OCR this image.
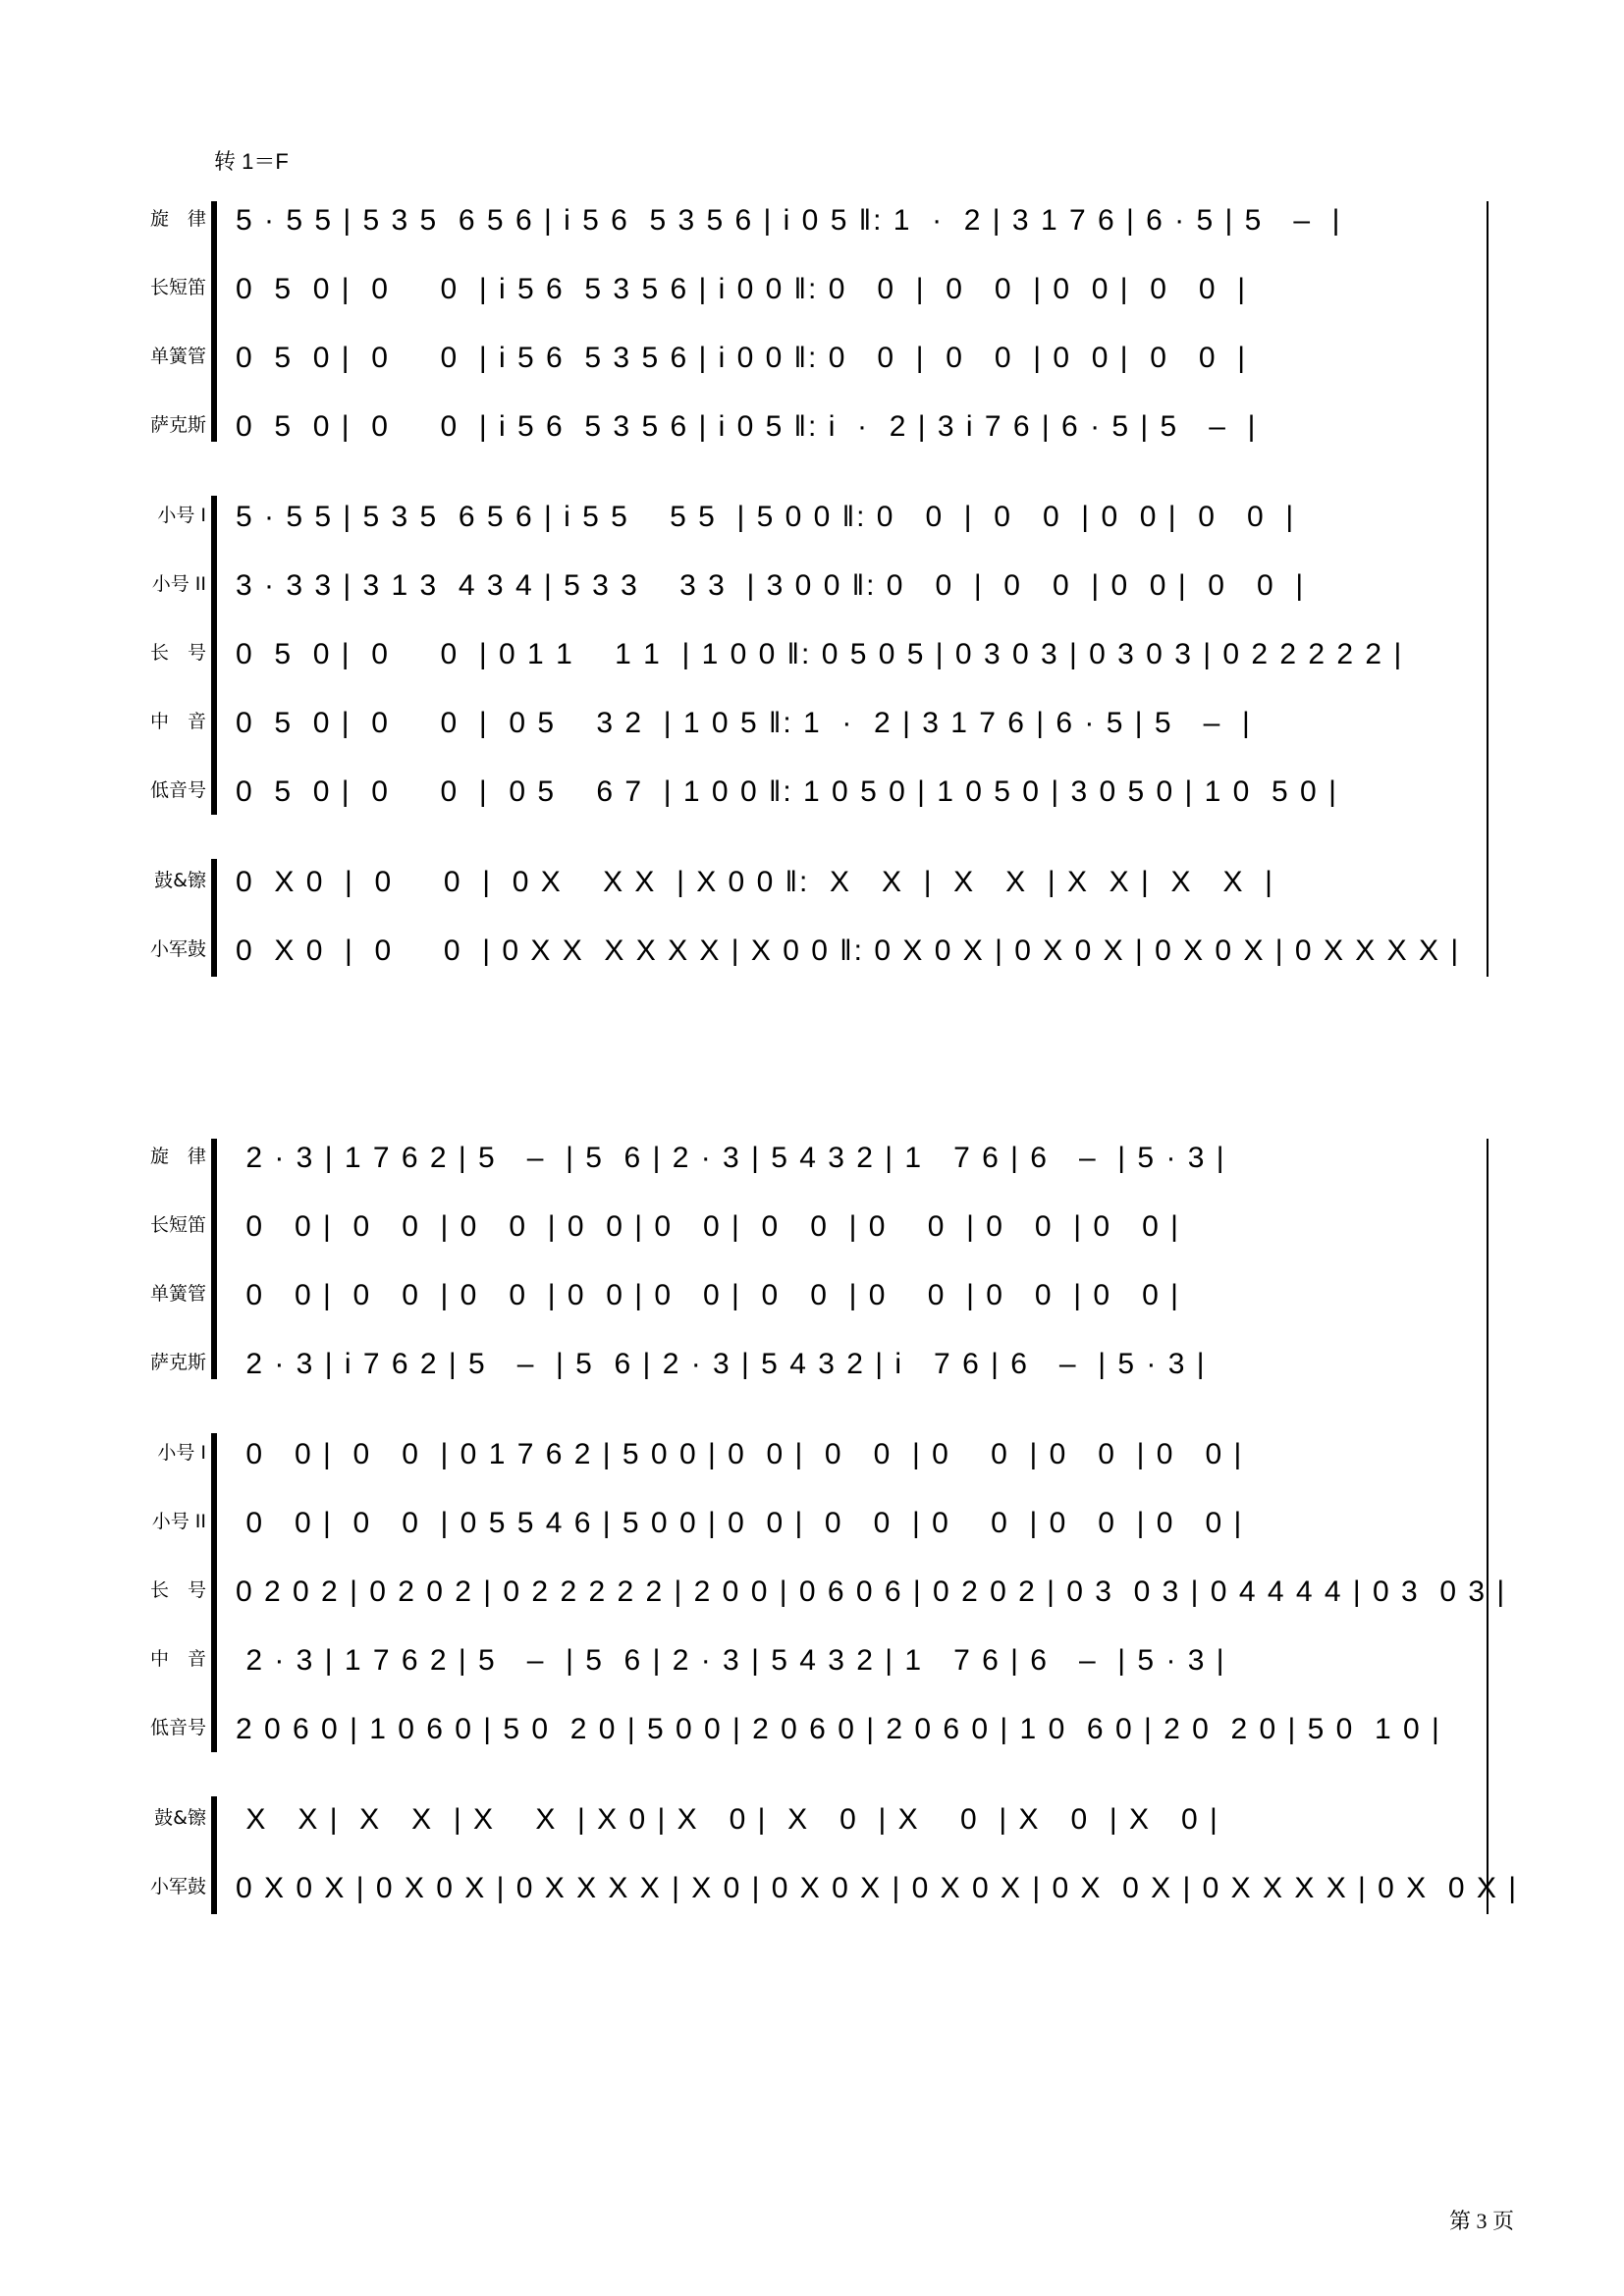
转 1＝F
旋　律 5 · 5 5 | 5 3 5  6 5 6 | i 5 6  5 3 5 6 | i 0 5 ‖: 1  ·  2 | 3 1 7 6 | 6 · 5 | 5   –  |
长短笛 0  5  0 |  0     0  | i 5 6  5 3 5 6 | i 0 0 ‖: 0   0  |  0   0  | 0  0 |  0   0  |
单簧管 0  5  0 |  0     0  | i 5 6  5 3 5 6 | i 0 0 ‖: 0   0  |  0   0  | 0  0 |  0   0  |
萨克斯 0  5  0 |  0     0  | i 5 6  5 3 5 6 | i 0 5 ‖: i  ·  2 | 3 i 7 6 | 6 · 5 | 5   –  |
小号 I 5 · 5 5 | 5 3 5  6 5 6 | i 5 5    5 5  | 5 0 0 ‖: 0   0  |  0   0  | 0  0 |  0   0  |
小号 II 3 · 3 3 | 3 1 3  4 3 4 | 5 3 3    3 3  | 3 0 0 ‖: 0   0  |  0   0  | 0  0 |  0   0  |
长　号 0  5  0 |  0     0  | 0 1 1    1 1  | 1 0 0 ‖: 0 5 0 5 | 0 3 0 3 | 0 3 0 3 | 0 2 2 2 2 2 |
中　音 0  5  0 |  0     0  |  0 5    3 2  | 1 0 5 ‖: 1  ·  2 | 3 1 7 6 | 6 · 5 | 5   –  |
低音号 0  5  0 |  0     0  |  0 5    6 7  | 1 0 0 ‖: 1 0 5 0 | 1 0 5 0 | 3 0 5 0 | 1 0  5 0 |
鼓&镲 0  X 0  |  0     0  |  0 X    X X  | X 0 0 ‖:  X   X  |  X   X  | X  X |  X   X  |
小军鼓 0  X 0  |  0     0  | 0 X X  X X X X | X 0 0 ‖: 0 X 0 X | 0 X 0 X | 0 X 0 X | 0 X X X X |
旋　律 2 · 3 | 1 7 6 2 | 5   –  | 5  6 | 2 · 3 | 5 4 3 2 | 1   7 6 | 6   –  | 5 · 3 |
长短笛 0   0 |  0   0  | 0   0  | 0  0 | 0   0 |  0   0  | 0    0  | 0   0  | 0   0 |
单簧管 0   0 |  0   0  | 0   0  | 0  0 | 0   0 |  0   0  | 0    0  | 0   0  | 0   0 |
萨克斯 2 · 3 | i 7 6 2 | 5   –  | 5  6 | 2 · 3 | 5 4 3 2 | i   7 6 | 6   –  | 5 · 3 |
小号 I 0   0 |  0   0  | 0 1 7 6 2 | 5 0 0 | 0  0 |  0   0  | 0    0  | 0   0  | 0   0 |
小号 II 0   0 |  0   0  | 0 5 5 4 6 | 5 0 0 | 0  0 |  0   0  | 0    0  | 0   0  | 0   0 |
长　号 0 2 0 2 | 0 2 0 2 | 0 2 2 2 2 2 | 2 0 0 | 0 6 0 6 | 0 2 0 2 | 0 3  0 3 | 0 4 4 4 4 | 0 3  0 3 |
中　音 2 · 3 | 1 7 6 2 | 5   –  | 5  6 | 2 · 3 | 5 4 3 2 | 1   7 6 | 6   –  | 5 · 3 |
低音号 2 0 6 0 | 1 0 6 0 | 5 0  2 0 | 5 0 0 | 2 0 6 0 | 2 0 6 0 | 1 0  6 0 | 2 0  2 0 | 5 0  1 0 |
鼓&镲 X   X |  X   X  | X    X  | X 0 | X   0 |  X   0  | X    0  | X   0  | X   0 |
小军鼓 0 X 0 X | 0 X 0 X | 0 X X X X | X 0 | 0 X 0 X | 0 X 0 X | 0 X  0 X | 0 X X X X | 0 X  0 X |
第 3 页
